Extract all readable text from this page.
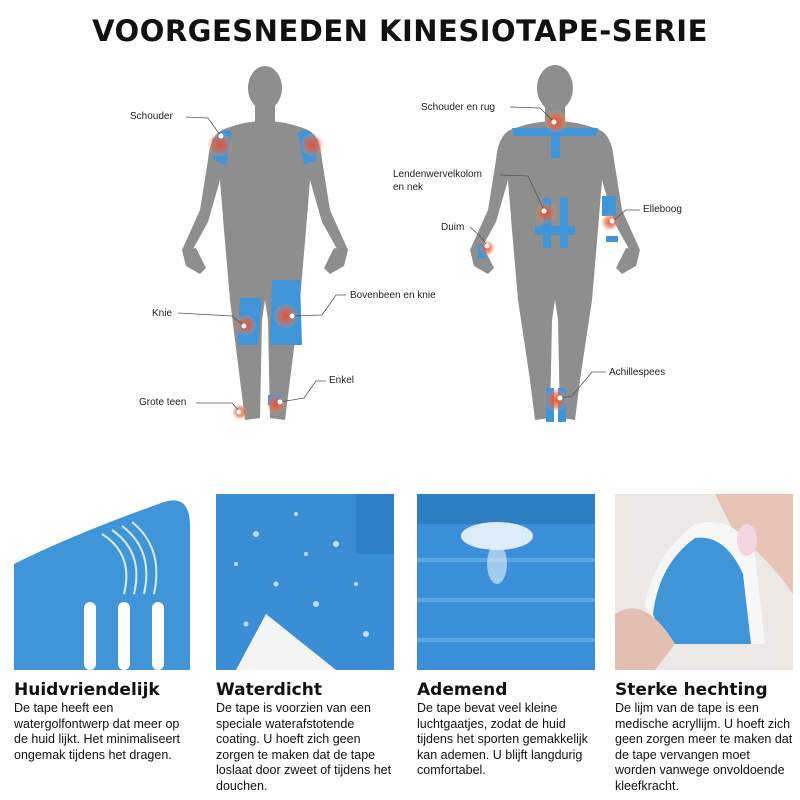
VOORGESNEDEN KINESIOTAPE-SERIE
Schouder
Knie
Grote teen
Bovenbeen en knie
Enkel
Schouder en rug
Lendenwervelkolom
en nek
Duim
Elleboog
Achillespees
Huidvriendelijk

De tape heeft een watergolfontwerp dat meer op de huid lijkt. Het minimaliseert ongemak tijdens het dragen.

Waterdicht

De tape is voorzien van een speciale waterafstotende coating. U hoeft zich geen zorgen te maken dat de tape loslaat door zweet of tijdens het douchen.

Ademend

De tape bevat veel kleine luchtgaatjes, zodat de huid tijdens het sporten gemakkelijk kan ademen. U blijft langdurig comfortabel.

Sterke hechting

De lijm van de tape is een medische acryllijm. U hoeft zich geen zorgen meer te maken dat de tape vervangen moet worden vanwege onvoldoende kleefkracht.
